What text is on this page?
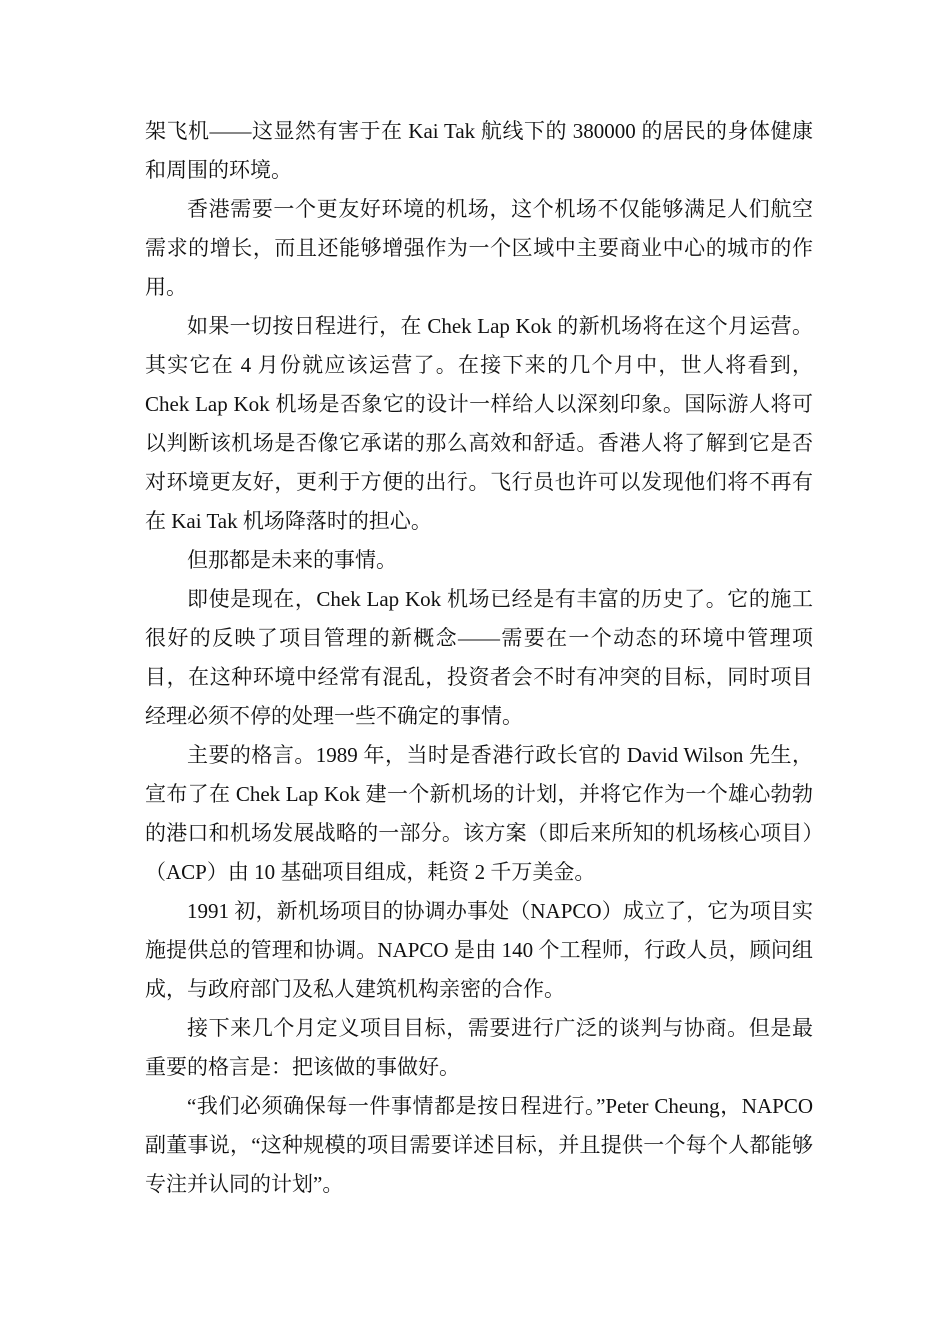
架飞机——这显然有害于在 Kai Tak 航线下的 380000 的居民的身体健康和周围的环境。

香港需要一个更友好环境的机场，这个机场不仅能够满足人们航空需求的增长，而且还能够增强作为一个区域中主要商业中心的城市的作用。

如果一切按日程进行，在 Chek Lap Kok 的新机场将在这个月运营。其实它在 4 月份就应该运营了。在接下来的几个月中，世人将看到，Chek Lap Kok 机场是否象它的设计一样给人以深刻印象。国际游人将可以判断该机场是否像它承诺的那么高效和舒适。香港人将了解到它是否对环境更友好，更利于方便的出行。飞行员也许可以发现他们将不再有在 Kai Tak 机场降落时的担心。

但那都是未来的事情。

即使是现在，Chek Lap Kok 机场已经是有丰富的历史了。它的施工很好的反映了项目管理的新概念——需要在一个动态的环境中管理项目，在这种环境中经常有混乱，投资者会不时有冲突的目标，同时项目经理必须不停的处理一些不确定的事情。

主要的格言。1989 年，当时是香港行政长官的 David Wilson 先生，宣布了在 Chek Lap Kok 建一个新机场的计划，并将它作为一个雄心勃勃的港口和机场发展战略的一部分。该方案（即后来所知的机场核心项目）（ACP）由 10 基础项目组成，耗资 2 千万美金。

1991 初，新机场项目的协调办事处（NAPCO）成立了，它为项目实施提供总的管理和协调。NAPCO 是由 140 个工程师，行政人员，顾问组成，与政府部门及私人建筑机构亲密的合作。

接下来几个月定义项目目标，需要进行广泛的谈判与协商。但是最重要的格言是：把该做的事做好。

“我们必须确保每一件事情都是按日程进行。”Peter Cheung，NAPCO 副董事说，“这种规模的项目需要详述目标，并且提供一个每个人都能够专注并认同的计划”。
